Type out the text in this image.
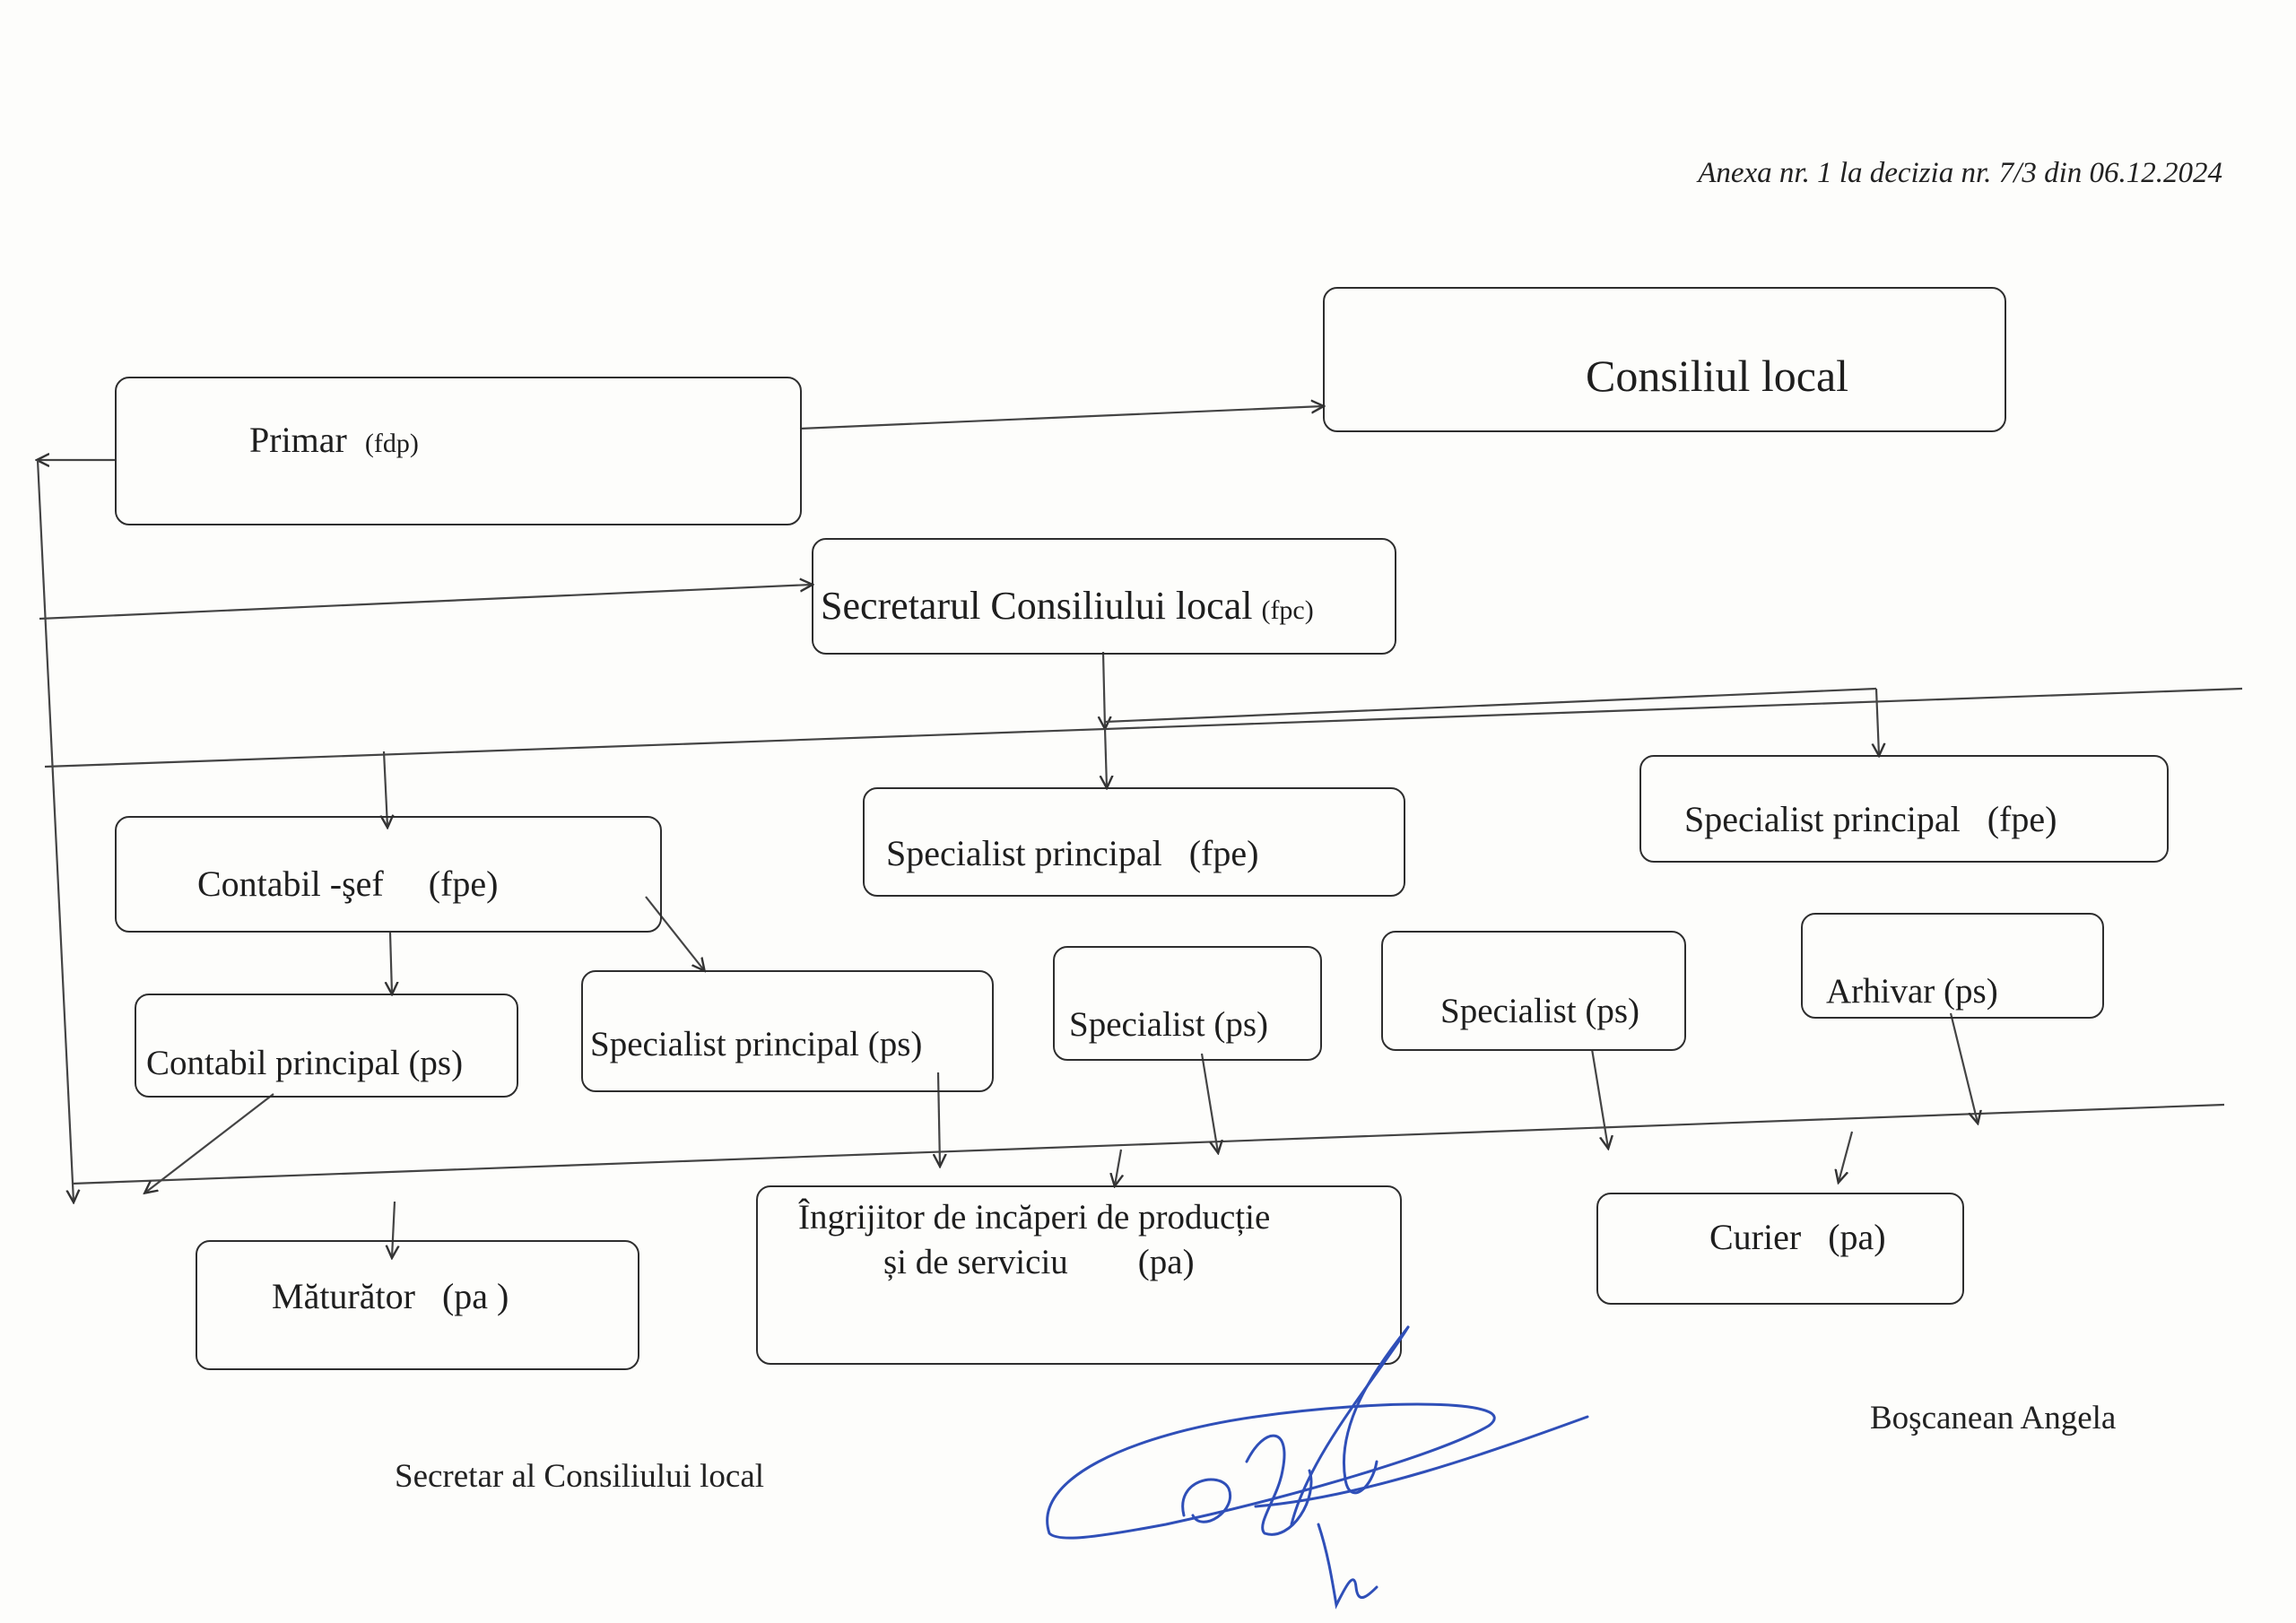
Anexa nr. 1 la decizia nr. 7/3 din 06.12.2024
Primar (fdp)
Consiliul local
Secretarul Consiliului local (fpc)
Contabil -şef (fpe)
Specialist principal (fpe)
Specialist principal (fpe)
Contabil principal (ps)	Specialist principal (ps)
Specialist (ps)	Specialist (ps)
Arhivar (ps)
Măturător (pa )
Îngrijitor de incăperi de producție
și de serviciu (pa)
Curier (pa)
Secretar al Consiliului local
Boşcanean Angela
